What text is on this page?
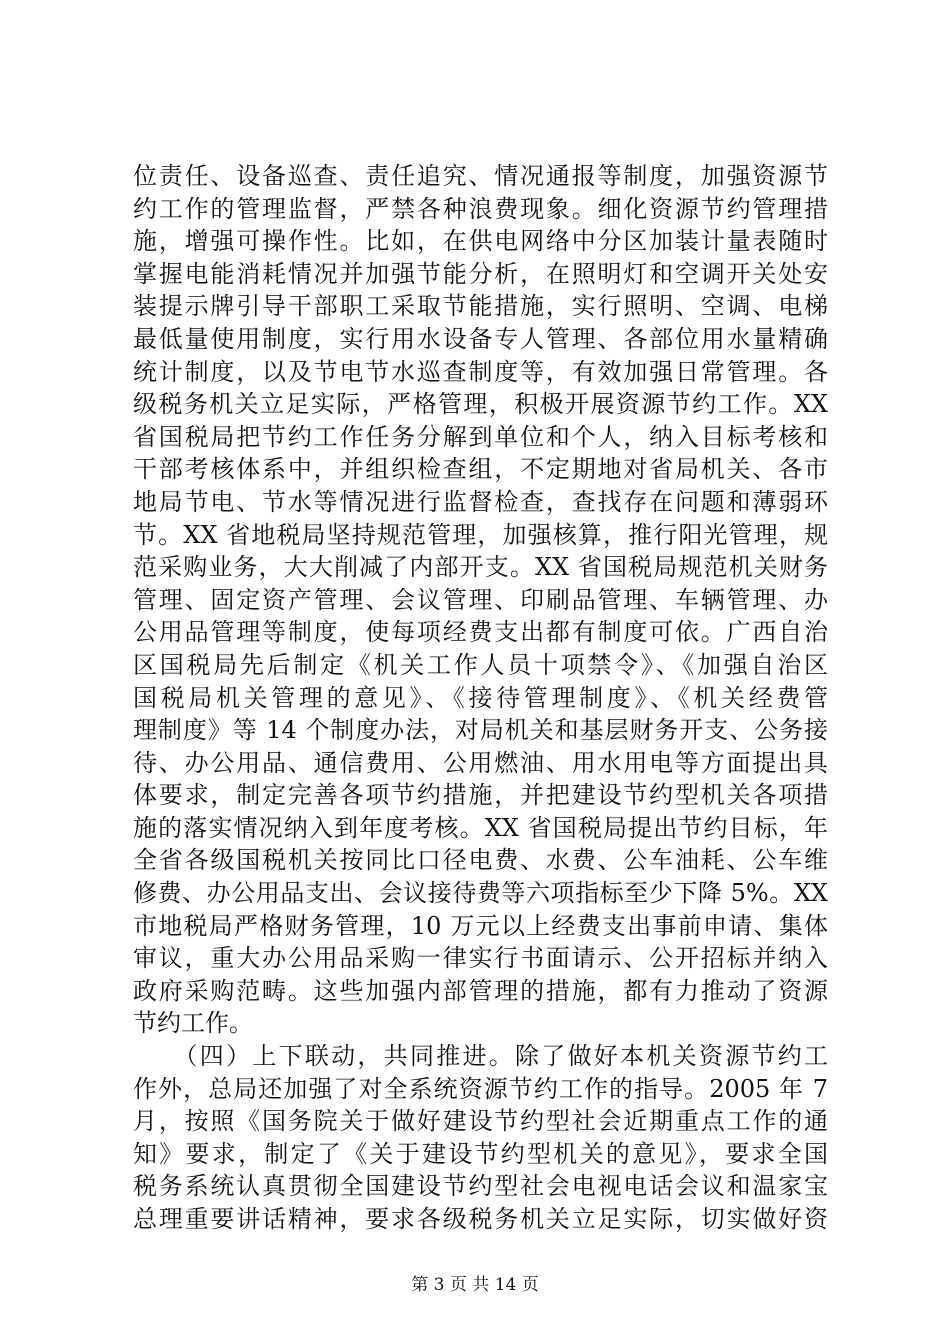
位责任、设备巡查、责任追究、情况通报等制度，加强资源节
约工作的管理监督，严禁各种浪费现象。细化资源节约管理措
施，增强可操作性。比如，在供电网络中分区加装计量表随时
掌握电能消耗情况并加强节能分析，在照明灯和空调开关处安
装提示牌引导干部职工采取节能措施，实行照明、空调、电梯
最低量使用制度，实行用水设备专人管理、各部位用水量精确
统计制度，以及节电节水巡查制度等，有效加强日常管理。各
级税务机关立足实际，严格管理，积极开展资源节约工作。XX
省国税局把节约工作任务分解到单位和个人，纳入目标考核和
干部考核体系中，并组织检查组，不定期地对省局机关、各市
地局节电、节水等情况进行监督检查，查找存在问题和薄弱环
节。XX 省地税局坚持规范管理，加强核算，推行阳光管理，规
范采购业务，大大削减了内部开支。XX 省国税局规范机关财务
管理、固定资产管理、会议管理、印刷品管理、车辆管理、办
公用品管理等制度，使每项经费支出都有制度可依。广西自治
区国税局先后制定《机关工作人员十项禁令》、《加强自治区
国税局机关管理的意见》、《接待管理制度》、《机关经费管
理制度》等 14 个制度办法，对局机关和基层财务开支、公务接
待、办公用品、通信费用、公用燃油、用水用电等方面提出具
体要求，制定完善各项节约措施，并把建设节约型机关各项措
施的落实情况纳入到年度考核。XX 省国税局提出节约目标，年
全省各级国税机关按同比口径电费、水费、公车油耗、公车维
修费、办公用品支出、会议接待费等六项指标至少下降 5%。XX
市地税局严格财务管理，10 万元以上经费支出事前申请、集体
审议，重大办公用品采购一律实行书面请示、公开招标并纳入
政府采购范畴。这些加强内部管理的措施，都有力推动了资源
节约工作。
　　（四）上下联动，共同推进。除了做好本机关资源节约工
作外，总局还加强了对全系统资源节约工作的指导。2005 年 7
月，按照《国务院关于做好建设节约型社会近期重点工作的通
知》要求，制定了《关于建设节约型机关的意见》，要求全国
税务系统认真贯彻全国建设节约型社会电视电话会议和温家宝
总理重要讲话精神，要求各级税务机关立足实际，切实做好资
第 3 页 共 14 页
